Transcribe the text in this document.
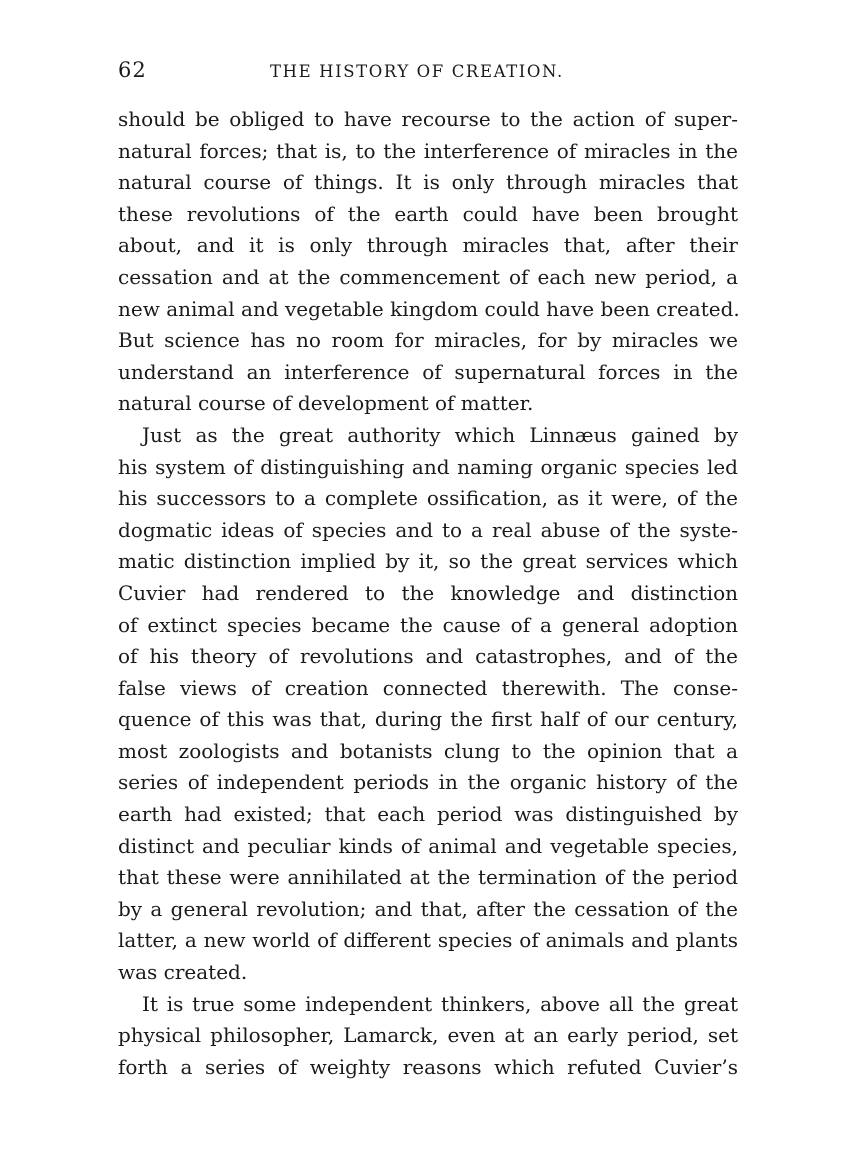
62	THE HISTORY OF CREATION.
should be obliged to have recourse to the action of super-
natural forces; that is, to the interference of miracles in the
natural course of things. It is only through miracles that
these revolutions of the earth could have been brought
about, and it is only through miracles that, after their
cessation and at the commencement of each new period, a
new animal and vegetable kingdom could have been created.
But science has no room for miracles, for by miracles we
understand an interference of supernatural forces in the
natural course of development of matter.
Just as the great authority which Linnæus gained by
his system of distinguishing and naming organic species led
his successors to a complete ossification, as it were, of the
dogmatic ideas of species and to a real abuse of the syste-
matic distinction implied by it, so the great services which
Cuvier had rendered to the knowledge and distinction
of extinct species became the cause of a general adoption
of his theory of revolutions and catastrophes, and of the
false views of creation connected therewith. The conse-
quence of this was that, during the first half of our century,
most zoologists and botanists clung to the opinion that a
series of independent periods in the organic history of the
earth had existed; that each period was distinguished by
distinct and peculiar kinds of animal and vegetable species,
that these were annihilated at the termination of the period
by a general revolution; and that, after the cessation of the
latter, a new world of different species of animals and plants
was created.
It is true some independent thinkers, above all the great
physical philosopher, Lamarck, even at an early period, set
forth a series of weighty reasons which refuted Cuvier’s
